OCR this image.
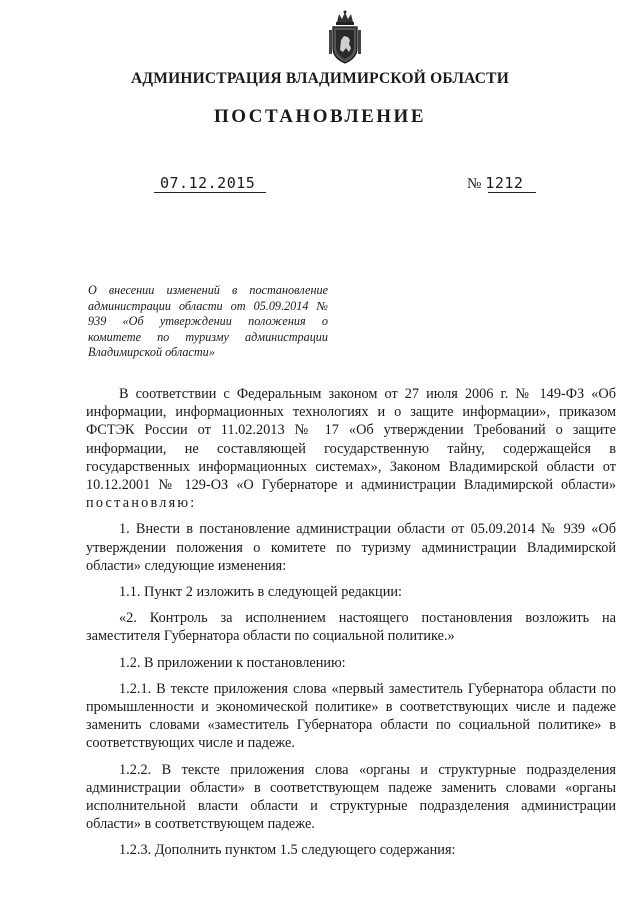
АДМИНИСТРАЦИЯ ВЛАДИМИРСКОЙ ОБЛАСТИ
ПОСТАНОВЛЕНИЕ
07.12.2015	№ 1212
О внесении изменений в постановление администрации области от 05.09.2014 № 939 «Об утверждении положения о комитете по туризму администрации Владимирской области»

В соответствии с Федеральным законом от 27 июля 2006 г. № 149-ФЗ «Об информации, информационных технологиях и о защите информации», приказом ФСТЭК России от 11.02.2013 № 17 «Об утверждении Требований о защите информации, не составляющей государственную тайну, содержащейся в государственных информационных системах», Законом Владимирской области от 10.12.2001 № 129-ОЗ «О Губернаторе и администрации Владимирской области» постановляю:

1. Внести в постановление администрации области от 05.09.2014 № 939 «Об утверждении положения о комитете по туризму администрации Владимирской области» следующие изменения:

1.1. Пункт 2 изложить в следующей редакции:

«2. Контроль за исполнением настоящего постановления возложить на заместителя Губернатора области по социальной политике.»

1.2. В приложении к постановлению:

1.2.1. В тексте приложения слова «первый заместитель Губернатора области по промышленности и экономической политике» в соответствующих числе и падеже заменить словами «заместитель Губернатора области по социальной политике» в соответствующих числе и падеже.

1.2.2. В тексте приложения слова «органы и структурные подразделения администрации области» в соответствующем падеже заменить словами «органы исполнительной власти области и структурные подразделения администрации области» в соответствующем падеже.

1.2.3. Дополнить пунктом 1.5 следующего содержания:
